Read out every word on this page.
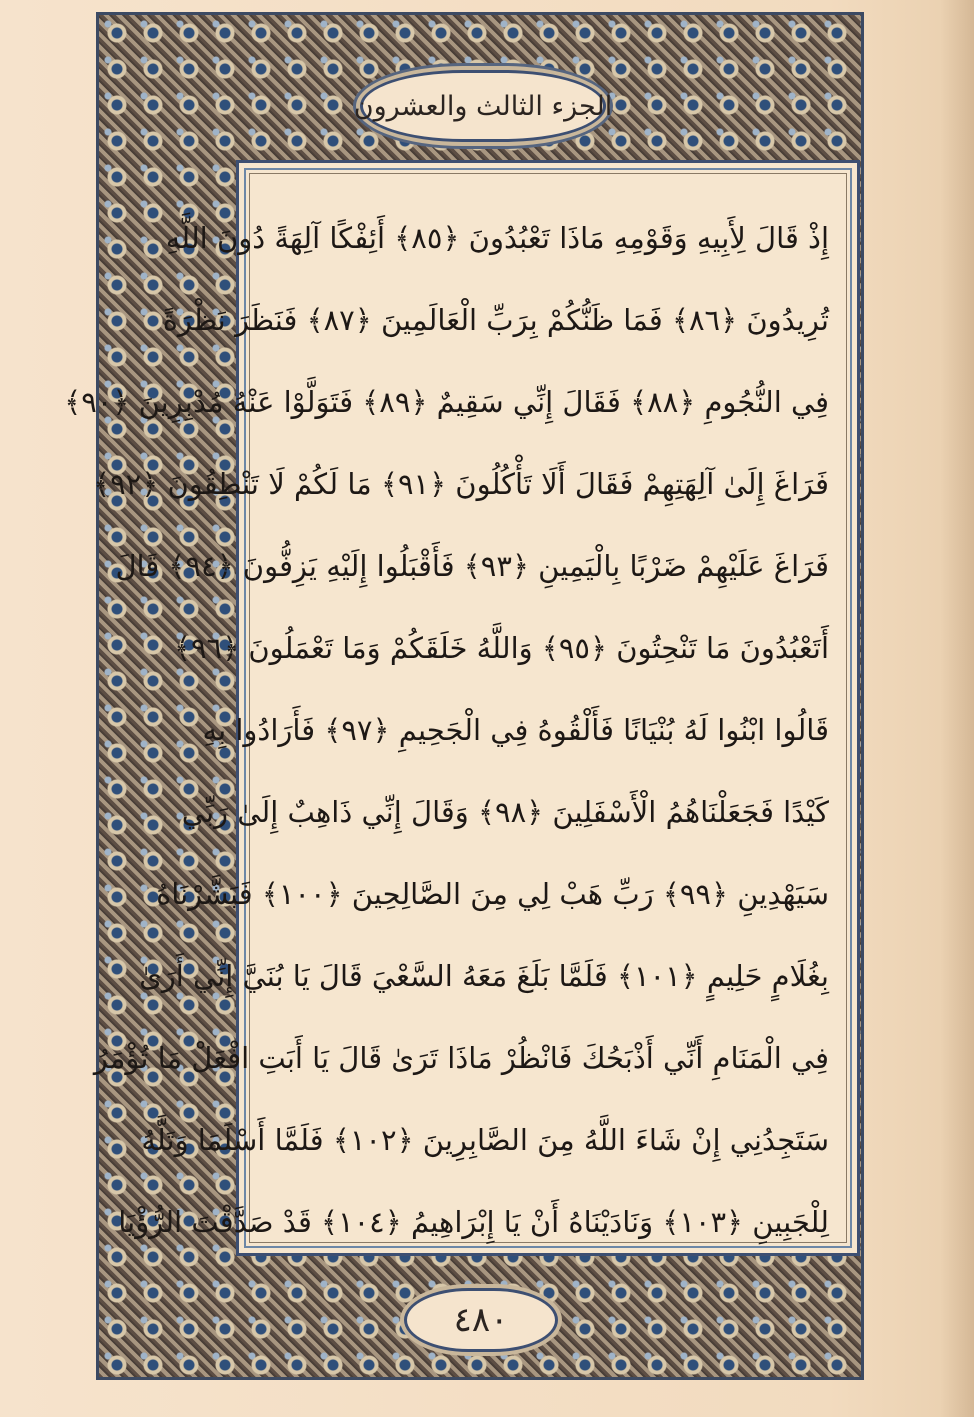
الجزء الثالث والعشرون
إِذْ قَالَ لِأَبِيهِ وَقَوْمِهِ مَاذَا تَعْبُدُونَ ﴿٨٥﴾ أَئِفْكًا آلِهَةً دُونَ اللَّهِ
تُرِيدُونَ ﴿٨٦﴾ فَمَا ظَنُّكُمْ بِرَبِّ الْعَالَمِينَ ﴿٨٧﴾ فَنَظَرَ نَظْرَةً
فِي النُّجُومِ ﴿٨٨﴾ فَقَالَ إِنِّي سَقِيمٌ ﴿٨٩﴾ فَتَوَلَّوْا عَنْهُ مُدْبِرِينَ ﴿٩٠﴾
فَرَاغَ إِلَىٰ آلِهَتِهِمْ فَقَالَ أَلَا تَأْكُلُونَ ﴿٩١﴾ مَا لَكُمْ لَا تَنْطِقُونَ ﴿٩٢﴾
فَرَاغَ عَلَيْهِمْ ضَرْبًا بِالْيَمِينِ ﴿٩٣﴾ فَأَقْبَلُوا إِلَيْهِ يَزِفُّونَ ﴿٩٤﴾ قَالَ
أَتَعْبُدُونَ مَا تَنْحِتُونَ ﴿٩٥﴾ وَاللَّهُ خَلَقَكُمْ وَمَا تَعْمَلُونَ ﴿٩٦﴾
قَالُوا ابْنُوا لَهُ بُنْيَانًا فَأَلْقُوهُ فِي الْجَحِيمِ ﴿٩٧﴾ فَأَرَادُوا بِهِ
كَيْدًا فَجَعَلْنَاهُمُ الْأَسْفَلِينَ ﴿٩٨﴾ وَقَالَ إِنِّي ذَاهِبٌ إِلَىٰ رَبِّي
سَيَهْدِينِ ﴿٩٩﴾ رَبِّ هَبْ لِي مِنَ الصَّالِحِينَ ﴿١٠٠﴾ فَبَشَّرْنَاهُ
بِغُلَامٍ حَلِيمٍ ﴿١٠١﴾ فَلَمَّا بَلَغَ مَعَهُ السَّعْيَ قَالَ يَا بُنَيَّ إِنِّي أَرَىٰ
فِي الْمَنَامِ أَنِّي أَذْبَحُكَ فَانْظُرْ مَاذَا تَرَىٰ قَالَ يَا أَبَتِ افْعَلْ مَا تُؤْمَرُ
سَتَجِدُنِي إِنْ شَاءَ اللَّهُ مِنَ الصَّابِرِينَ ﴿١٠٢﴾ فَلَمَّا أَسْلَمَا وَتَلَّهُ
لِلْجَبِينِ ﴿١٠٣﴾ وَنَادَيْنَاهُ أَنْ يَا إِبْرَاهِيمُ ﴿١٠٤﴾ قَدْ صَدَّقْتَ الرُّؤْيَا
٤٨٠
